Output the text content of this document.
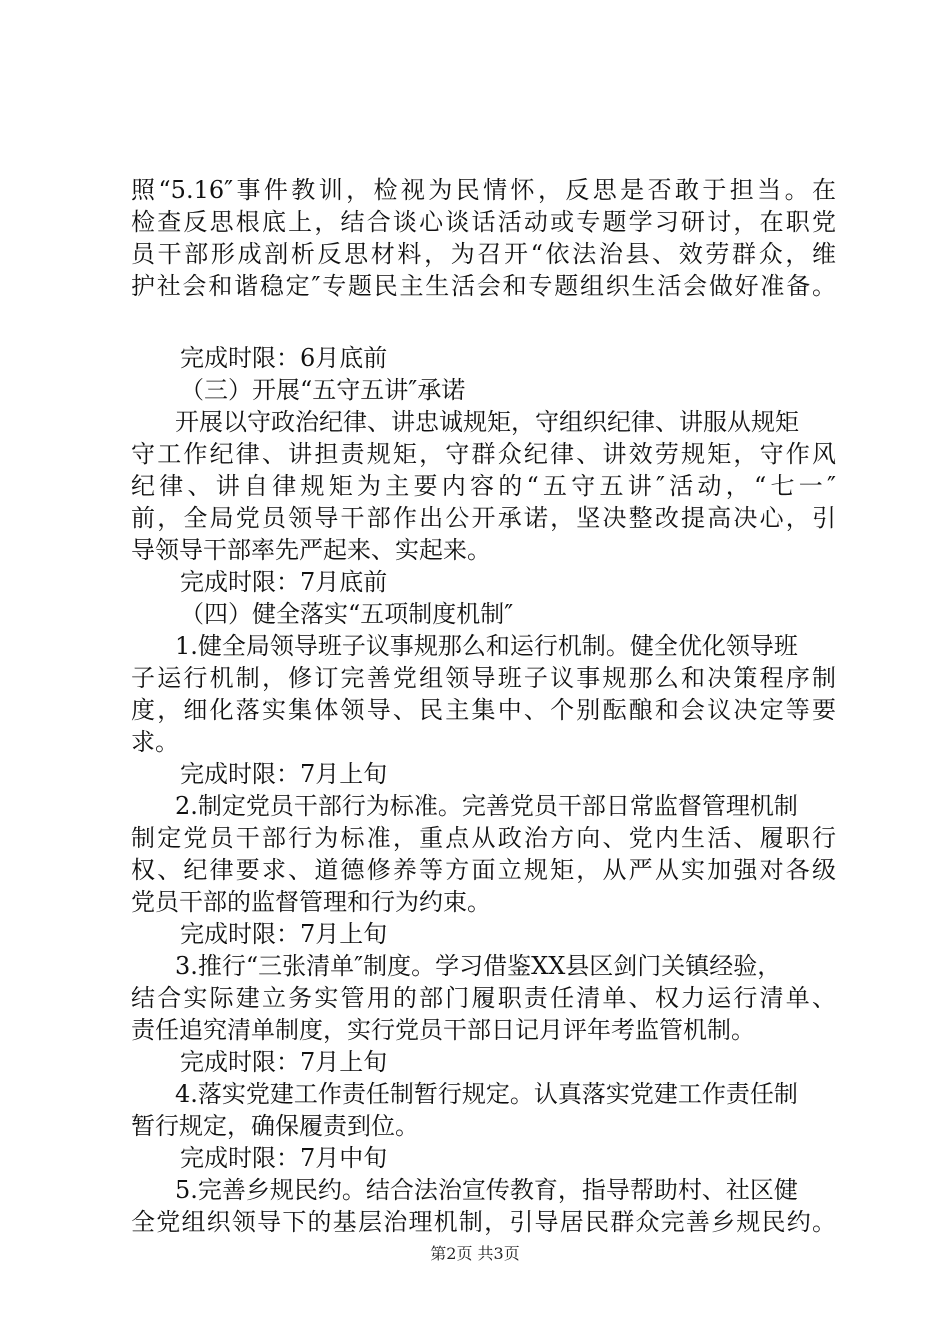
照“5.16″事件教训，检视为民情怀，反思是否敢于担当。在
检查反思根底上，结合谈心谈话活动或专题学习研讨，在职党
员干部形成剖析反思材料，为召开“依法治县、效劳群众，维
护社会和谐稳定″专题民主生活会和专题组织生活会做好准备。
完成时限：6月底前
（三）开展“五守五讲″承诺
开展以守政治纪律、讲忠诚规矩，守组织纪律、讲服从规矩
守工作纪律、讲担责规矩，守群众纪律、讲效劳规矩，守作风
纪律、讲自律规矩为主要内容的“五守五讲″活动，“七一″
前，全局党员领导干部作出公开承诺，坚决整改提高决心，引
导领导干部率先严起来、实起来。
完成时限：7月底前
（四）健全落实“五项制度机制″
1.健全局领导班子议事规那么和运行机制。健全优化领导班
子运行机制，修订完善党组领导班子议事规那么和决策程序制
度，细化落实集体领导、民主集中、个别酝酿和会议决定等要
求。
完成时限：7月上旬
2.制定党员干部行为标准。完善党员干部日常监督管理机制
制定党员干部行为标准，重点从政治方向、党内生活、履职行
权、纪律要求、道德修养等方面立规矩，从严从实加强对各级
党员干部的监督管理和行为约束。
完成时限：7月上旬
3.推行“三张清单″制度。学习借鉴XX县区剑门关镇经验，
结合实际建立务实管用的部门履职责任清单、权力运行清单、
责任追究清单制度，实行党员干部日记月评年考监管机制。
完成时限：7月上旬
4.落实党建工作责任制暂行规定。认真落实党建工作责任制
暂行规定，确保履责到位。
完成时限：7月中旬
5.完善乡规民约。结合法治宣传教育，指导帮助村、社区健
全党组织领导下的基层治理机制，引导居民群众完善乡规民约。
第2页 共3页
